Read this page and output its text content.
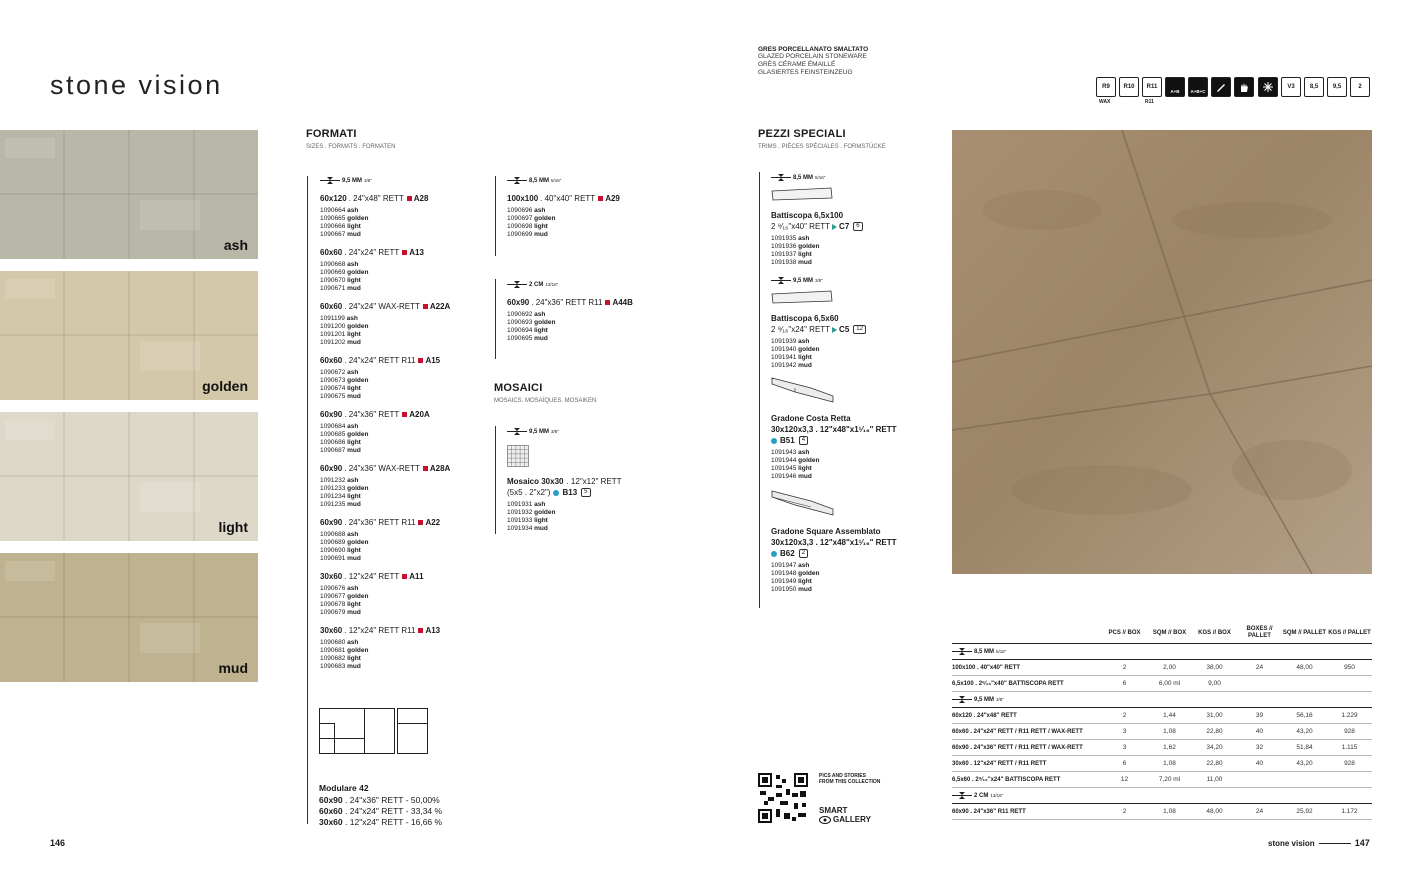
stone vision
ash
golden
light
mud
GRES PORCELLANATO SMALTATO
GLAZED PORCELAIN STONEWARE
GRÈS CÉRAME ÉMAILLÉ
GLASIERTES FEINSTEINZEUG
R9
WAX
R10 R11
R11
A+B A+B+C
V3	8,5 9,5	2
FORMATI
SIZES . FORMATS . FORMATEN
9,5 MM 3/8"
60x120 . 24"x48" RETT A28
1090664 ash
1090665 golden
1090666 light
1090667 mud
60x60 . 24"x24" RETT A13
1090668 ash
1090669 golden
1090670 light
1090671 mud
60x60 . 24"x24" WAX-RETT A22A
1091199 ash
1091200 golden
1091201 light
1091202 mud
60x60 . 24"x24" RETT R11 A15
1090672 ash
1090673 golden
1090674 light
1090675 mud
60x90 . 24"x36" RETT A20A
1090684 ash
1090685 golden
1090686 light
1090687 mud
60x90 . 24"x36" WAX-RETT A28A
1091232 ash
1091233 golden
1091234 light
1091235 mud
60x90 . 24"x36" RETT R11 A22
1090688 ash
1090689 golden
1090690 light
1090691 mud
30x60 . 12"x24" RETT A11
1090676 ash
1090677 golden
1090678 light
1090679 mud
30x60 . 12"x24" RETT R11 A13
1090680 ash
1090681 golden
1090682 light
1090683 mud
8,5 MM 5/16"
100x100 . 40"x40" RETT A29
1090696 ash
1090697 golden
1090698 light
1090699 mud
2 CM 13/16"
60x90 . 24"x36" RETT R11 A44B
1090692 ash
1090693 golden
1090694 light
1090695 mud
Modulare 42
60x90 . 24"x36" RETT - 50,00%
60x60 . 24"x24" RETT - 33,34 %
30x60 . 12"x24" RETT - 16,66 %
MOSAICI
MOSAICS. MOSAÏQUES. MOSAIKEN
9,5 MM 3/8"
Mosaico 30x30 . 12"x12" RETT
(5x5 . 2"x2") B13	5
1091931 ash
1091932 golden
1091933 light
1091934 mud
PEZZI SPECIALI
TRIMS . PIÈCES SPÉCIALES . FORMSTÜCKE
8,5 MM 5/16"
Battiscopa 6,5x100
2 ⁹⁄₁₆"x40" RETT C7	6
1091935 ash
1091936 golden
1091937 light
1091938 mud
9,5 MM 3/8"
Battiscopa 6,5x60
2 ⁹⁄₁₆"x24" RETT C5	12
1091939 ash
1091940 golden
1091941 light
1091942 mud
Gradone Costa Retta
30x120x3,3 . 12"x48"x1¹⁄₁₆" RETT
B51	4
1091943 ash
1091944 golden
1091945 light
1091946 mud
Gradone Square Assemblato
30x120x3,3 . 12"x48"x1¹⁄₁₆" RETT
B62	2
1091947 ash
1091948 golden
1091949 light
1091950 mud
PICS AND STORIES
FROM THIS COLLECTION
SMART
GALLERY
	PCS // BOX	SQM // BOX	KGS // BOX	BOXES // PALLET	SQM // PALLET	KGS // PALLET

8,5 MM 5/16"						

100x100 . 40"x40" RETT	2	2,00	38,00	24	48,00	950
6,5x100 . 2⁹⁄₁₆"x40" BATTISCOPA RETT	6	6,00 ml	9,00			

9,5 MM 3/8"						

60x120 . 24"x48" RETT	2	1,44	31,00	39	56,16	1.229
60x60 . 24"x24" RETT / R11 RETT / WAX-RETT	3	1,08	22,80	40	43,20	928
60x90 . 24"x36" RETT / R11 RETT / WAX-RETT	3	1,62	34,20	32	51,84	1.115
30x60 . 12"x24" RETT / R11 RETT	6	1,08	22,80	40	43,20	928
6,5x60 . 2⁹⁄₁₆"x24" BATTISCOPA RETT	12	7,20 ml	11,00			

2 CM 13/16"						

60x90 . 24"x36" R11 RETT	2	1,08	48,00	24	25,92	1.172
146	stone vision	147
